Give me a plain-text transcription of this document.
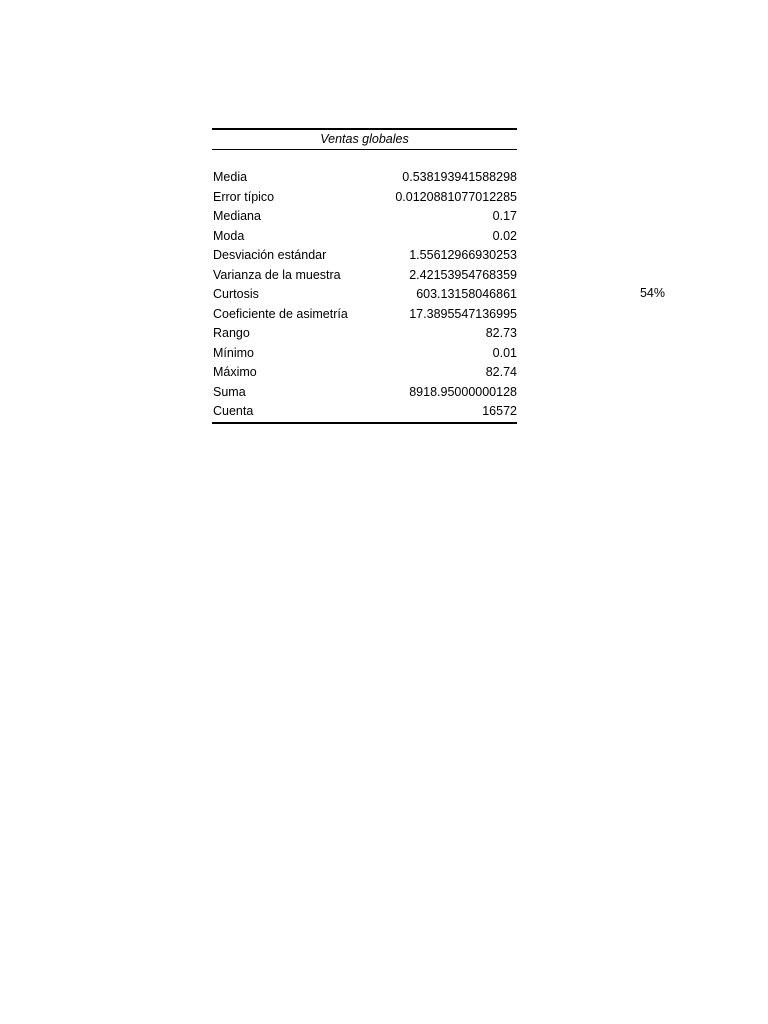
Ventas globales
Media	0.538193941588298
Error típico	0.0120881077012285
Mediana	0.17
Moda	0.02
Desviación estándar	1.55612966930253
Varianza de la muestra	2.42153954768359
Curtosis	603.13158046861
Coeficiente de asimetría	17.3895547136995
Rango	82.73
Mínimo	0.01
Máximo	82.74
Suma	8918.95000000128
Cuenta	16572
54%
